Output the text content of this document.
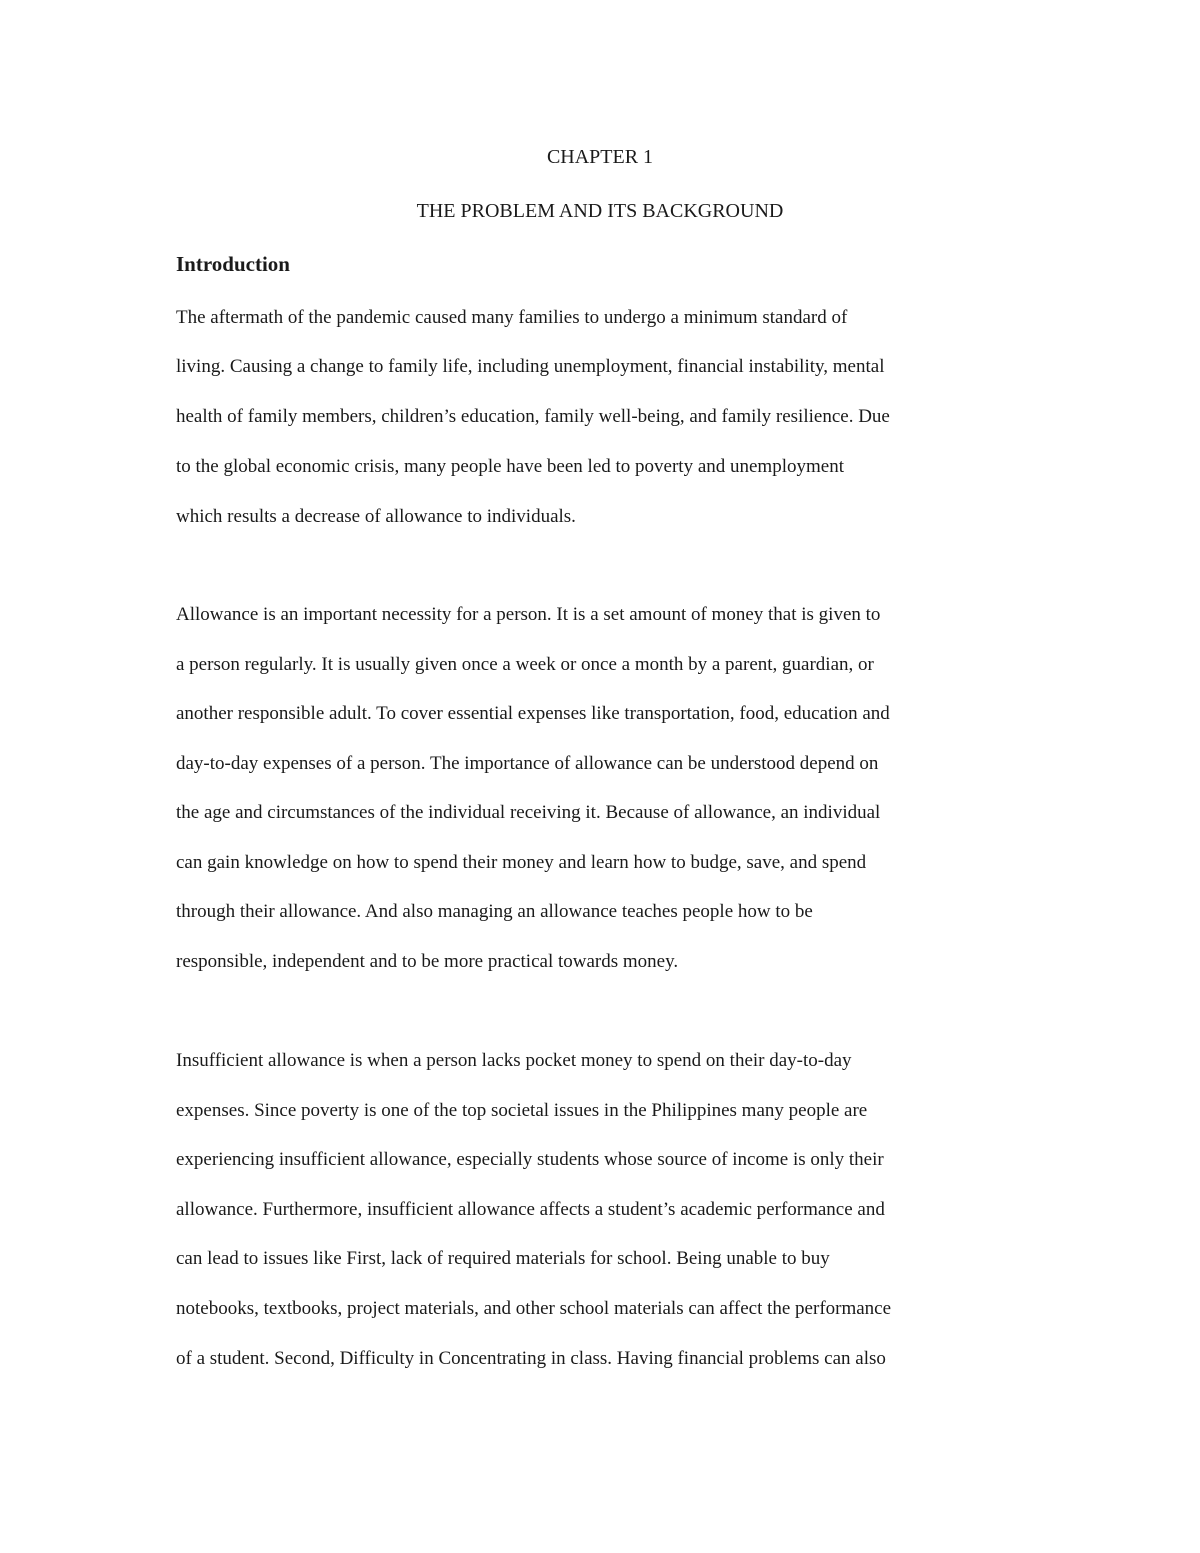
CHAPTER 1
THE PROBLEM AND ITS BACKGROUND
Introduction
The aftermath of the pandemic caused many families to undergo a minimum standard of
living. Causing a change to family life, including unemployment, financial instability, mental
health of family members, children’s education, family well-being, and family resilience. Due
to the global economic crisis, many people have been led to poverty and unemployment
which results a decrease of allowance to individuals.
Allowance is an important necessity for a person. It is a set amount of money that is given to
a person regularly. It is usually given once a week or once a month by a parent, guardian, or
another responsible adult. To cover essential expenses like transportation, food, education and
day-to-day expenses of a person. The importance of allowance can be understood depend on
the age and circumstances of the individual receiving it. Because of allowance, an individual
can gain knowledge on how to spend their money and learn how to budge, save, and spend
through their allowance. And also managing an allowance teaches people how to be
responsible, independent and to be more practical towards money.
Insufficient allowance is when a person lacks pocket money to spend on their day-to-day
expenses. Since poverty is one of the top societal issues in the Philippines many people are
experiencing insufficient allowance, especially students whose source of income is only their
allowance. Furthermore, insufficient allowance affects a student’s academic performance and
can lead to issues like First, lack of required materials for school. Being unable to buy
notebooks, textbooks, project materials, and other school materials can affect the performance
of a student. Second, Difficulty in Concentrating in class. Having financial problems can also
